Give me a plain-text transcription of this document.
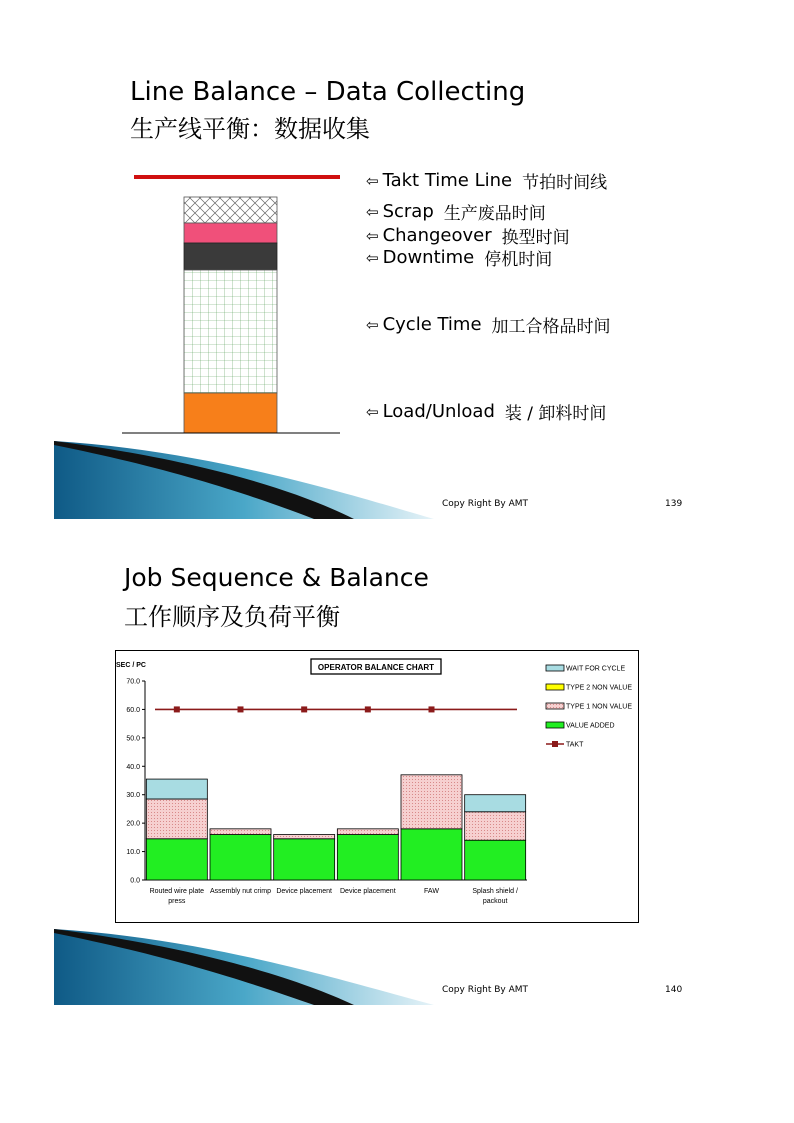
Line Balance – Data Collecting
生产线平衡：数据收集
⇦ Takt Time Line 节拍时间线
⇦ Scrap 生产废品时间
⇦ Changeover 换型时间
⇦ Downtime 停机时间
⇦ Cycle Time 加工合格品时间
⇦ Load/Unload 装 / 卸料时间
Copy Right By AMT	139
Job Sequence & Balance
工作顺序及负荷平衡
SEC / PC	OPERATOR BALANCE CHART
0.0
10.0
20.0
30.0
40.0
50.0
60.0
70.0
Routed wire plate
press
Assembly nut crimp Device placement Device placement	FAW	Splash shield /
packout
WAIT FOR CYCLE
TYPE 2 NON VALUE
TYPE 1 NON VALUE
VALUE ADDED
TAKT
Copy Right By AMT	140
